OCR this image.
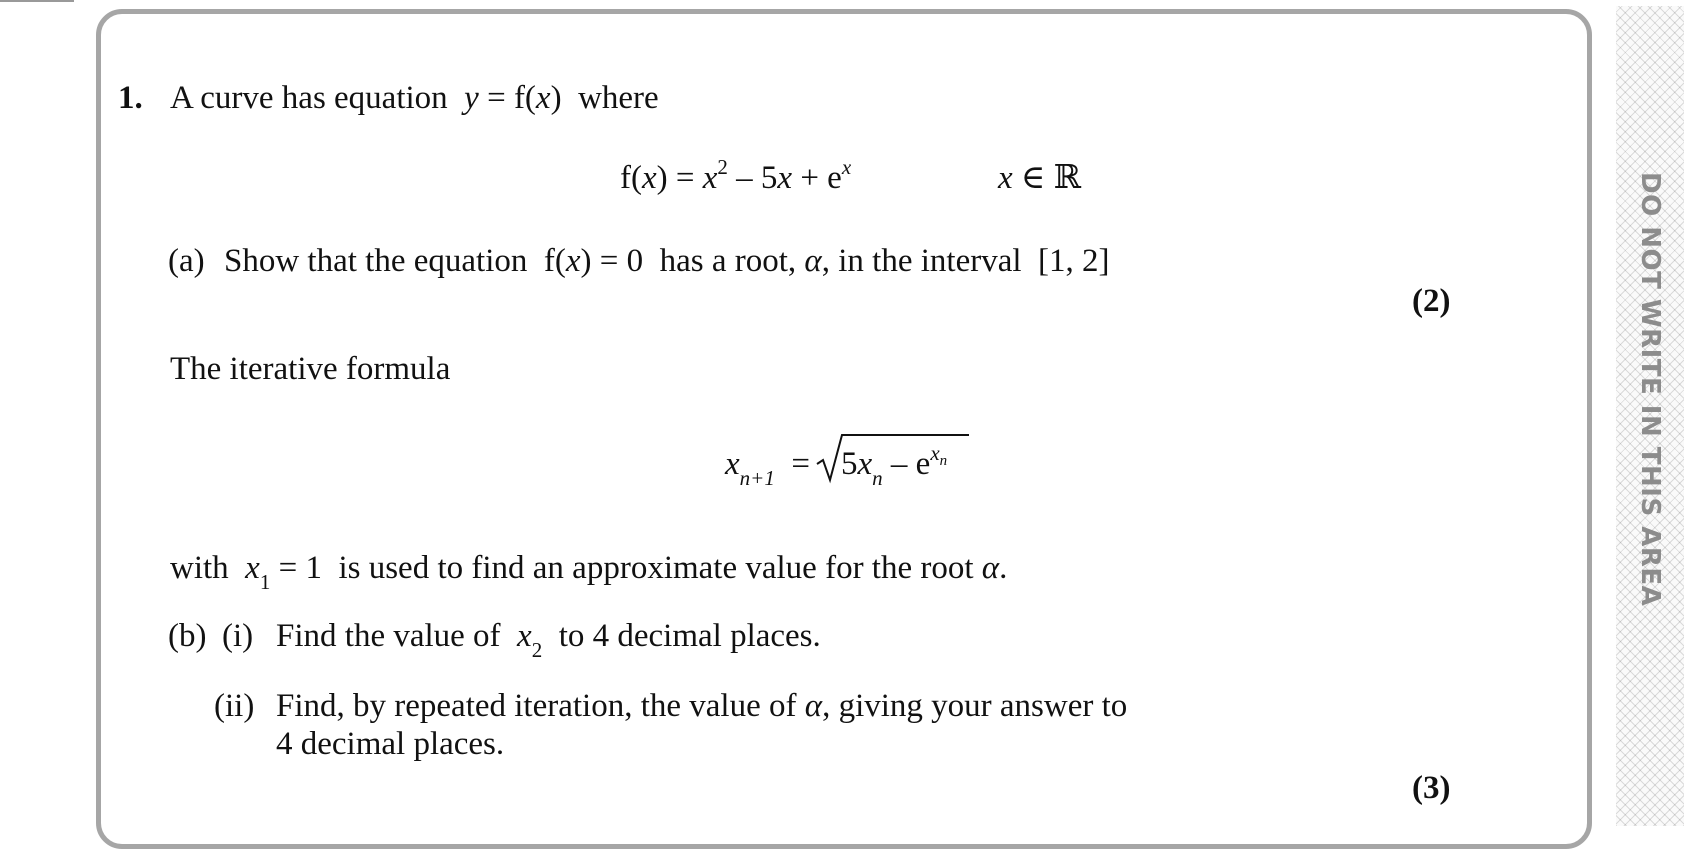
DO NOT WRITE IN THIS AREA
1. A curve has equation y = f(x) where
$f(x) = x^2 - 5x + e^x$	x ∈ ℝ
(a) Show that the equation f(x) = 0 has a root, α, in the interval [1, 2]
(2)
The iterative formula
$x_{n+1} = 5x_n - e^{x_n}$
with $x_1 = 1$ is used to find an approximate value for the root α.
(b) (i) Find the value of $x_2$ to 4 decimal places.
(ii) Find, by repeated iteration, the value of α, giving your answer to
4 decimal places.
(3)
